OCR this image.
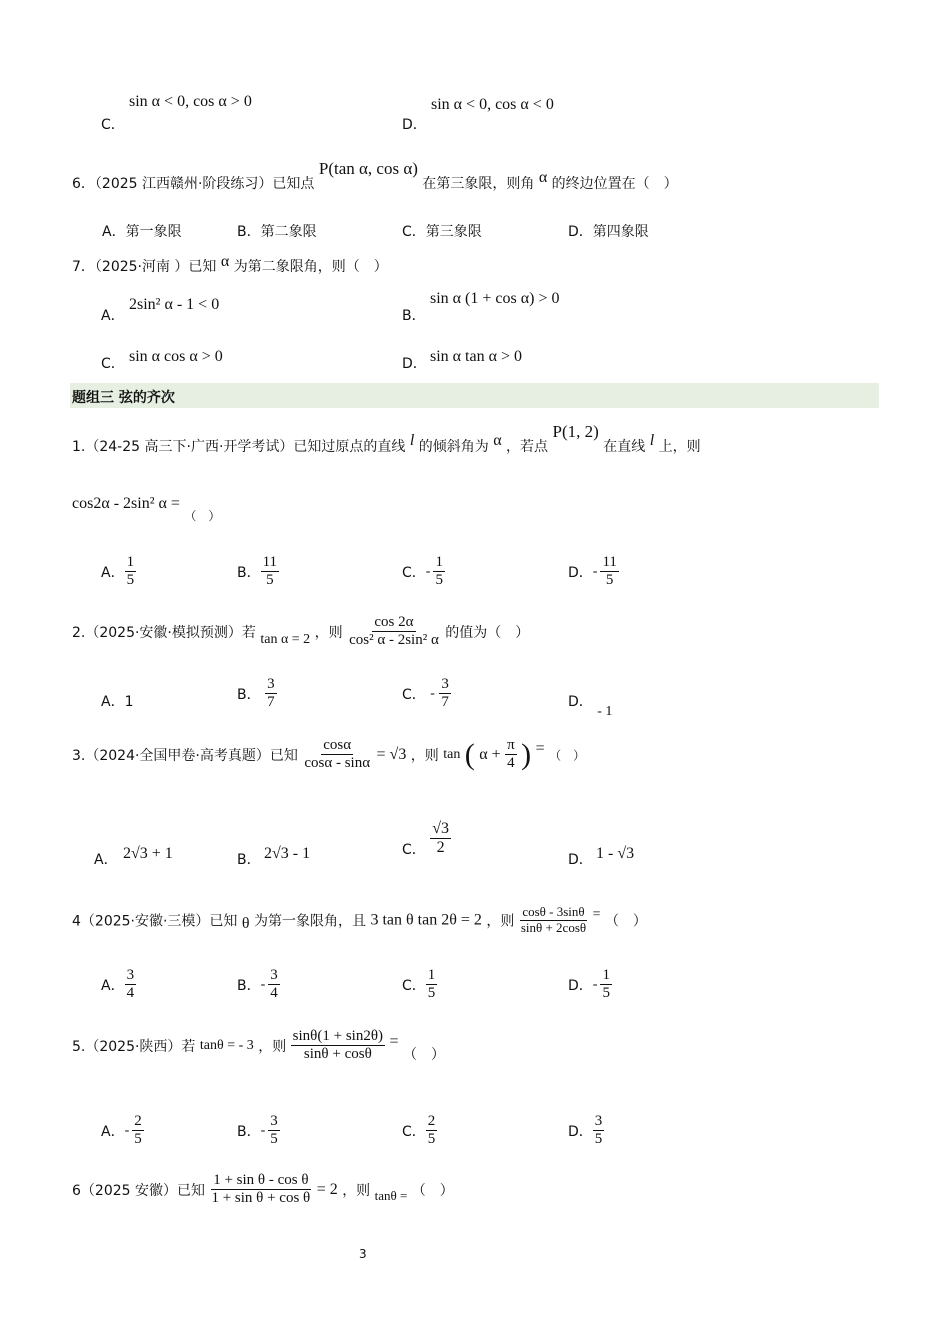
C．
sin α < 0, cos α > 0
D．
sin α < 0, cos α < 0
6．（2025 江西赣州·阶段练习）已知点 P(tan α, cos α) 在第三象限，则角 α 的终边位置在（　）
A．第一象限	B．第二象限	C．第三象限	D．第四象限
7．（2025·河南 ）已知 α 为第二象限角，则（　）
A．
2sin² α - 1 < 0
B．
sin α (1 + cos α) > 0
C． sin α cos α > 0	D． sin α tan α > 0
题组三 弦的齐次
1.（24-25 高三下·广西·开学考试）已知过原点的直线 l 的倾斜角为 α ，若点 P(1, 2) 在直线 l 上，则
cos2α - 2sin² α = （　）
A． $\frac{1}{5}$	B． $\frac{11}{5}$	C．- $\frac{1}{5}$	D．- $\frac{11}{5}$
2.（2025·安徽·模拟预测）若 tan α = 2 ，则 $\frac{\cos 2\alpha}{\text{cos² α - 2sin² α}}$ 的值为（　）
A．1	B． $\frac{3}{7}$	C． - $\frac{3}{7}$	D． - 1
3.（2024·全国甲卷·高考真题）已知 $\frac{\cos\alpha}{\cos\alpha - \sin\alpha} = √3$ ，则 tan ( $\alpha + \frac{\pi}{4}$ ) = （　）
A． 2√3 + 1	B． 2√3 - 1	C． $\frac{√3}{2}$
D． 1 - √3
4（2025·安徽·三模）已知 θ 为第一象限角，且 3 tan θ tan 2θ = 2 ，则 $\frac{\cos\theta - 3\sin\theta}{\sin\theta + 2\cos\theta}$ = （　）
A． $\frac{3}{4}$	B．- $\frac{3}{4}$	C． $\frac{1}{5}$	D．- $\frac{1}{5}$
5.（2025·陕西）若 tanθ = - 3 ，则 $\frac{\sin\theta(1 + \sin 2\theta)}{\sin\theta + \cos\theta}$ = （　）
A．- $\frac{2}{5}$	B．- $\frac{3}{5}$	C． $\frac{2}{5}$	D． $\frac{3}{5}$
6（2025 安徽）已知 $\frac{\text{1 + sin θ - cos θ}}{\text{1 + sin θ + cos θ}} = 2$ ，则 tanθ = （　）
3
